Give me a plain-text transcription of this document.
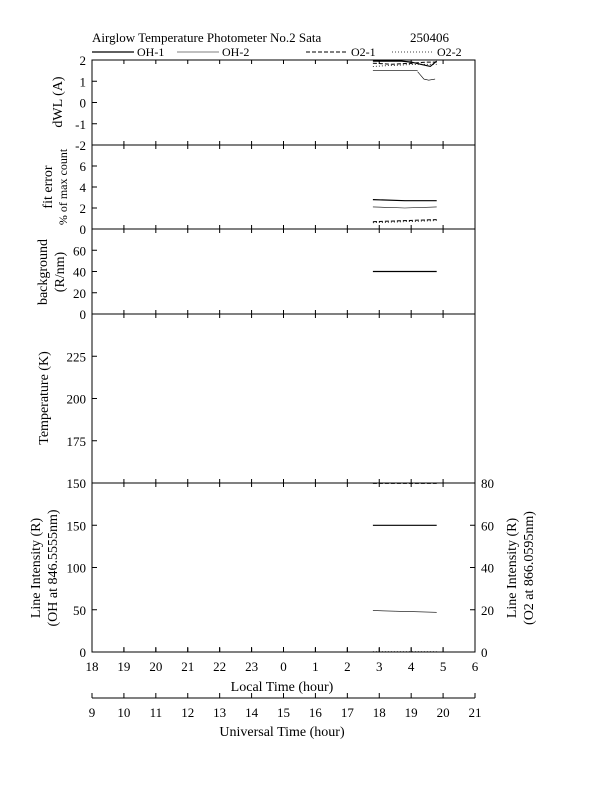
Airglow Temperature Photometer No.2 Sata	250406
OH-1	OH-2	O2-1	O2-2
-2
-1
0
1
2
0
2
4
6
0
20
40
60
150
175
200
225
0
50
100
150
0
20
40
60
80
dWL (A)
fit error % of max count
background (R/nm)
Temperature (K)
Line Intensity (R) (OH at 846.5555nm)	Line Intensity (R) (O2 at 866.0595nm)
18 19 20 21 22 23 0 1 2 3 4 5 6
Local Time (hour)
9 10 11 12 13 14 15 16 17 18 19 20 21
Universal Time (hour)
